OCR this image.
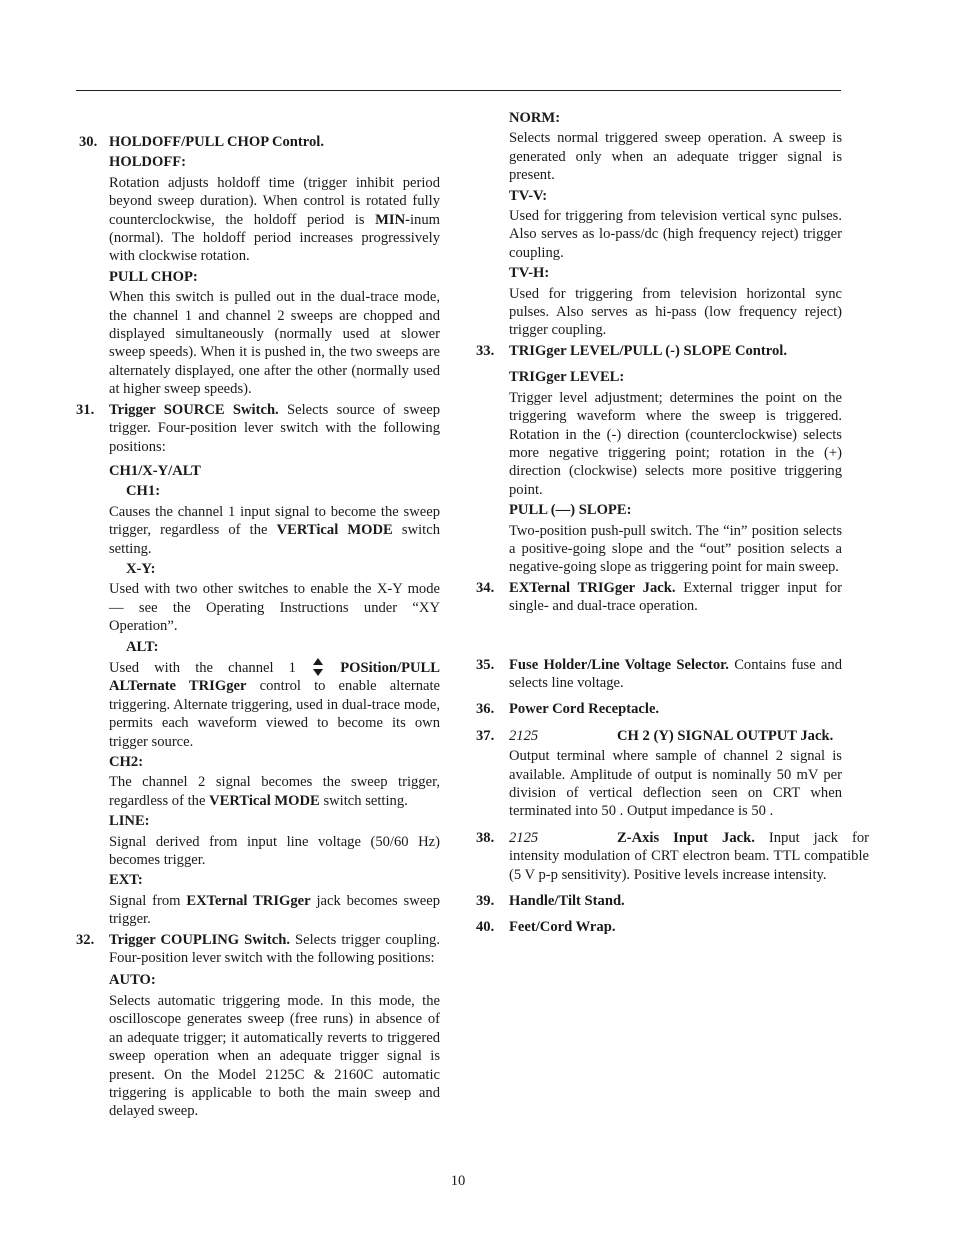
30. HOLDOFF/PULL CHOP Control.
HOLDOFF:
Rotation adjusts holdoff time (trigger inhibit period beyond sweep duration). When control is rotated fully counterclockwise, the holdoff period is MIN-inum (normal). The holdoff period increases progressively with clockwise rotation.
PULL CHOP:
When this switch is pulled out in the dual-trace mode, the channel 1 and channel 2 sweeps are chopped and displayed simultaneously (normally used at slower sweep speeds). When it is pushed in, the two sweeps are alternately displayed, one after the other (normally used at higher sweep speeds).
31. Trigger SOURCE Switch. Selects source of sweep trigger. Four-position lever switch with the following positions:
CH1/X-Y/ALT
CH1:
Causes the channel 1 input signal to become the sweep trigger, regardless of the VERTical MODE switch setting.
X-Y:
Used with two other switches to enable the X-Y mode — see the Operating Instructions under “XY Operation”.
ALT:
Used with the channel 1  POSition/PULL ALTernate TRIGger control to enable alternate triggering. Alternate triggering, used in dual-trace mode, permits each waveform viewed to become its own trigger source.
CH2:
The channel 2 signal becomes the sweep trigger, regardless of the VERTical MODE switch setting.
LINE:
Signal derived from input line voltage (50/60 Hz) becomes trigger.
EXT:
Signal from EXTernal TRIGger jack becomes sweep trigger.
32. Trigger COUPLING Switch. Selects trigger coupling. Four-position lever switch with the following positions:
AUTO:
Selects automatic triggering mode. In this mode, the oscilloscope generates sweep (free runs) in absence of an adequate trigger; it automatically reverts to triggered sweep operation when an adequate trigger signal is present. On the Model 2125C & 2160C automatic triggering is applicable to both the main sweep and delayed sweep.
NORM:
Selects normal triggered sweep operation. A sweep is generated only when an adequate trigger signal is present.
TV-V:
Used for triggering from television vertical sync pulses. Also serves as lo-pass/dc (high frequency reject) trigger coupling.
TV-H:
Used for triggering from television horizontal sync pulses. Also serves as hi-pass (low frequency reject) trigger coupling.
33. TRIGger LEVEL/PULL (-) SLOPE Control.
TRIGger LEVEL:
Trigger level adjustment; determines the point on the triggering waveform where the sweep is triggered. Rotation in the (-) direction (counterclockwise) selects more negative triggering point; rotation in the (+) direction (clockwise) selects more positive triggering point.
PULL (—) SLOPE:
Two-position push-pull switch. The “in” position selects a positive-going slope and the “out” position selects a negative-going slope as triggering point for main sweep.
34. EXTernal TRIGger Jack. External trigger input for single- and dual-trace operation.
35. Fuse Holder/Line Voltage Selector. Contains fuse and selects line voltage.
36. Power Cord Receptacle.
37. 2125	CH 2 (Y) SIGNAL OUTPUT Jack.
Output terminal where sample of channel 2 signal is available. Amplitude of output is nominally 50 mV per division of vertical deflection seen on CRT when terminated into 50 . Output impedance is 50 .
38. 2125	Z-Axis Input Jack. Input jack for intensity modulation of CRT electron beam. TTL compatible (5 V p-p sensitivity). Positive levels increase intensity.
39. Handle/Tilt Stand.
40. Feet/Cord Wrap.
10
